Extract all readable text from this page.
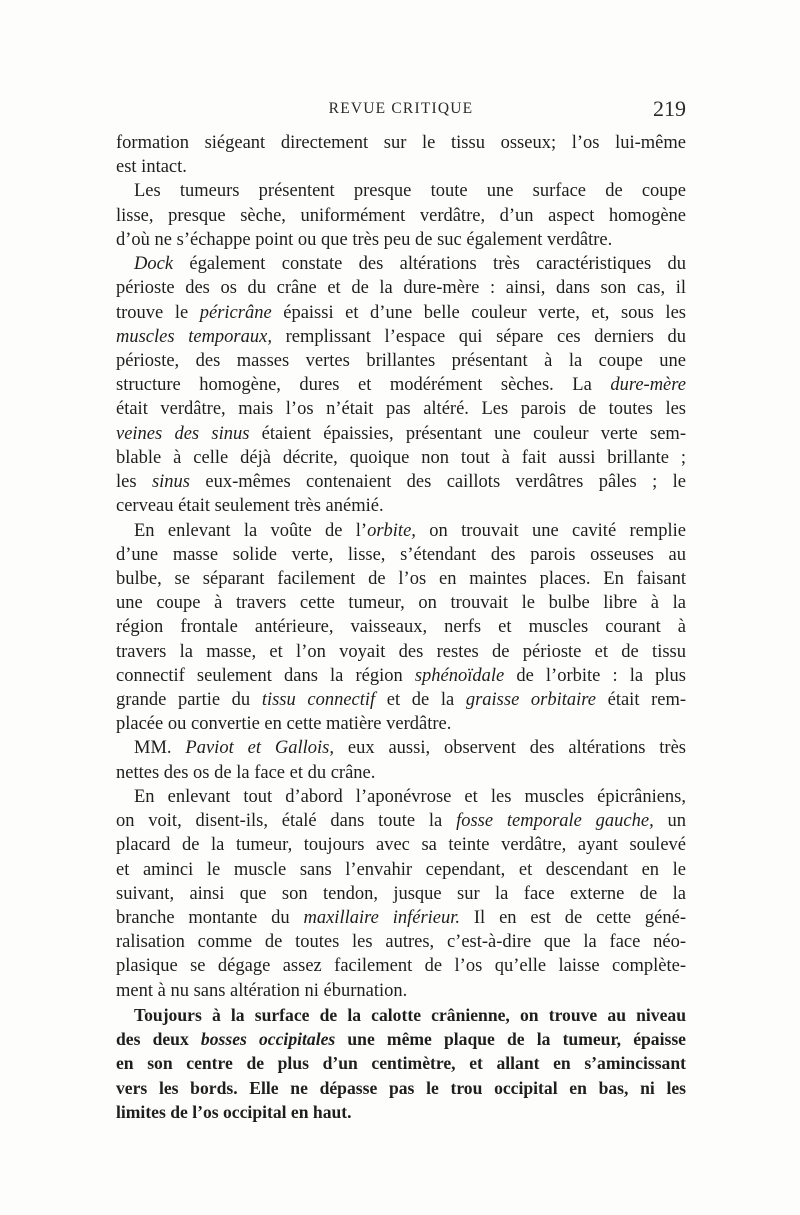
REVUE CRITIQUE	219
formation siégeant directement sur le tissu osseux; l’os lui-même
est intact.
Les tumeurs présentent presque toute une surface de coupe
lisse, presque sèche, uniformément verdâtre, d’un aspect homogène
d’où ne s’échappe point ou que très peu de suc également verdâtre.
Dock également constate des altérations très caractéristiques du
périoste des os du crâne et de la dure-mère : ainsi, dans son cas, il
trouve le péricrâne épaissi et d’une belle couleur verte, et, sous les
muscles temporaux, remplissant l’espace qui sépare ces derniers du
périoste, des masses vertes brillantes présentant à la coupe une
structure homogène, dures et modérément sèches. La dure-mère
était verdâtre, mais l’os n’était pas altéré. Les parois de toutes les
veines des sinus étaient épaissies, présentant une couleur verte sem-
blable à celle déjà décrite, quoique non tout à fait aussi brillante ;
les sinus eux-mêmes contenaient des caillots verdâtres pâles ; le
cerveau était seulement très anémié.
En enlevant la voûte de l’orbite, on trouvait une cavité remplie
d’une masse solide verte, lisse, s’étendant des parois osseuses au
bulbe, se séparant facilement de l’os en maintes places. En faisant
une coupe à travers cette tumeur, on trouvait le bulbe libre à la
région frontale antérieure, vaisseaux, nerfs et muscles courant à
travers la masse, et l’on voyait des restes de périoste et de tissu
connectif seulement dans la région sphénoïdale de l’orbite : la plus
grande partie du tissu connectif et de la graisse orbitaire était rem-
placée ou convertie en cette matière verdâtre.
MM. Paviot et Gallois, eux aussi, observent des altérations très
nettes des os de la face et du crâne.
En enlevant tout d’abord l’aponévrose et les muscles épicrâniens,
on voit, disent-ils, étalé dans toute la fosse temporale gauche, un
placard de la tumeur, toujours avec sa teinte verdâtre, ayant soulevé
et aminci le muscle sans l’envahir cependant, et descendant en le
suivant, ainsi que son tendon, jusque sur la face externe de la
branche montante du maxillaire inférieur. Il en est de cette géné-
ralisation comme de toutes les autres, c’est-à-dire que la face néo-
plasique se dégage assez facilement de l’os qu’elle laisse complète-
ment à nu sans altération ni éburnation.
Toujours à la surface de la calotte crânienne, on trouve au niveau
des deux bosses occipitales une même plaque de la tumeur, épaisse
en son centre de plus d’un centimètre, et allant en s’amincissant
vers les bords. Elle ne dépasse pas le trou occipital en bas, ni les
limites de l’os occipital en haut.
